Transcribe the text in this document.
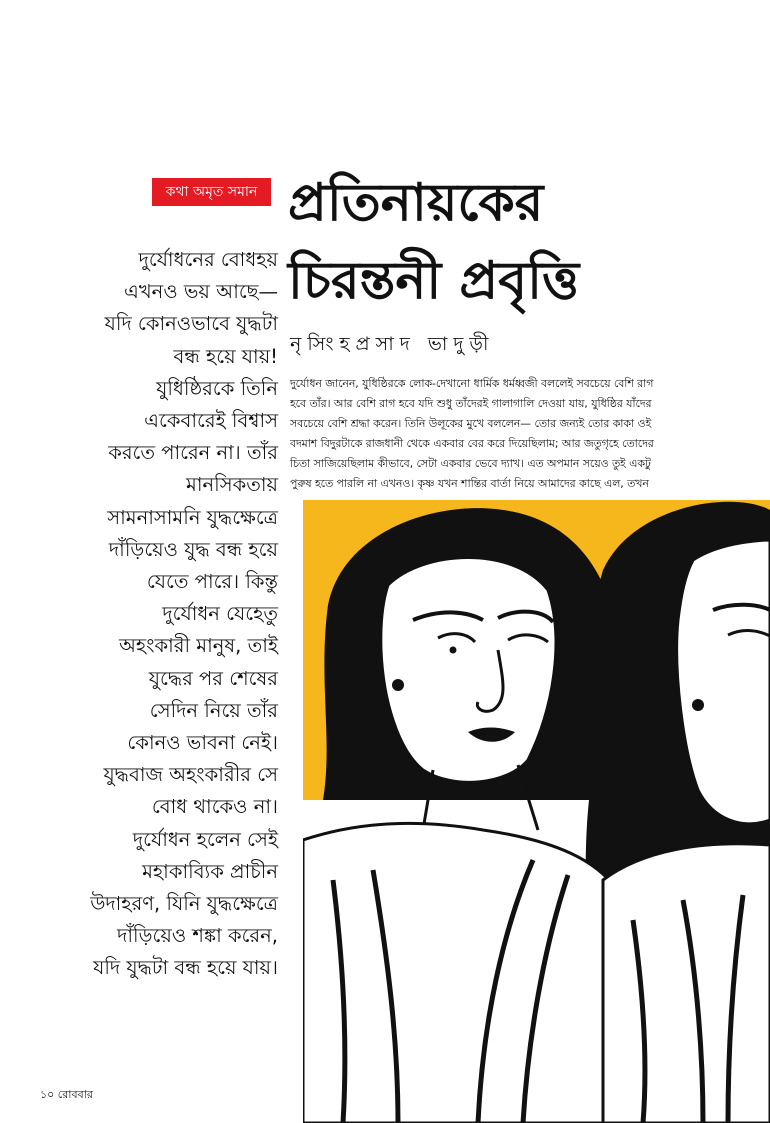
কথা অমৃত সমান প্রতিনায়কের
চিরন্তনী প্রবৃত্তি
নৃসিংহপ্রসাদ ভাদুড়ী
দুর্যোধনের বোধহয়
এখনও ভয় আছে—
যদি কোনওভাবে যুদ্ধটা
বন্ধ হয়ে যায়!
যুধিষ্ঠিরকে তিনি
একেবারেই বিশ্বাস
করতে পারেন না। তাঁর
মানসিকতায়
সামনাসামনি যুদ্ধক্ষেত্রে
দাঁড়িয়েও যুদ্ধ বন্ধ হয়ে
যেতে পারে। কিন্তু
দুর্যোধন যেহেতু
অহংকারী মানুষ, তাই
যুদ্ধের পর শেষের
সেদিন নিয়ে তাঁর
কোনও ভাবনা নেই।
যুদ্ধবাজ অহংকারীর সে
বোধ থাকেও না।
দুর্যোধন হলেন সেই
মহাকাব্যিক প্রাচীন
উদাহরণ, যিনি যুদ্ধক্ষেত্রে
দাঁড়িয়েও শঙ্কা করেন,
যদি যুদ্ধটা বন্ধ হয়ে যায়।
দুর্যোধন জানেন, যুধিষ্ঠিরকে লোক-দেখানো ধার্মিক ধর্মধ্বজী বললেই সবচেয়ে বেশি রাগ
হবে তাঁর। আর বেশি রাগ হবে যদি শুধু তাঁদেরই গালাগালি দেওয়া যায়, যুধিষ্ঠির যাঁদের
সবচেয়ে বেশি শ্রদ্ধা করেন। তিনি উলূকের মুখে বললেন— তোর জন্যই তোর কাকা ওই
বদমাশ বিদুরটাকে রাজধানী থেকে একবার বের করে দিয়েছিলাম; আর জতুগৃহে তোদের
চিতা সাজিয়েছিলাম কীভাবে, সেটা একবার ভেবে দ্যাখ। এত অপমান সয়েও তুই একটু
পুরুষ হতে পারলি না এখনও। কৃষ্ণ যখন শান্তির বার্তা নিয়ে আমাদের কাছে এল, তখন
১০ রোববার
